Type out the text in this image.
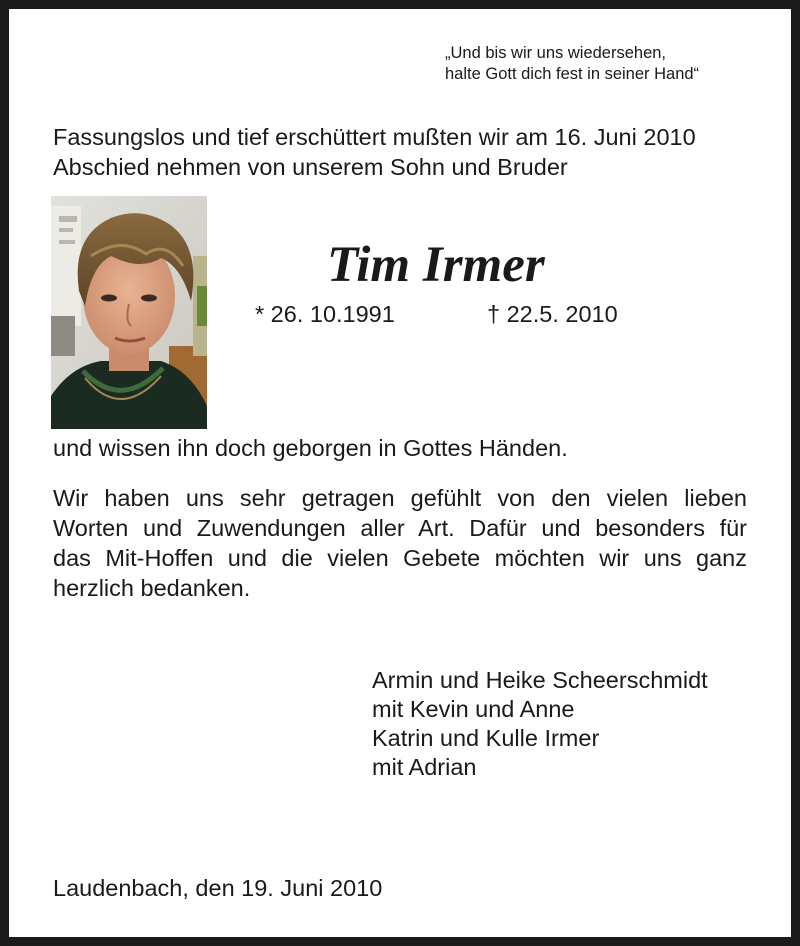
„Und bis wir uns wiedersehen,
halte Gott dich fest in seiner Hand“
Fassungslos und tief erschüttert mußten wir am 16. Juni 2010
Abschied nehmen von unserem Sohn und Bruder
Tim Irmer
* 26. 10.1991	† 22.5. 2010
und wissen ihn doch geborgen in Gottes Händen.
Wir haben uns sehr getragen gefühlt von den vielen lieben
Worten und Zuwendungen aller Art. Dafür und besonders für
das Mit-Hoffen und die vielen Gebete möchten wir uns ganz
herzlich bedanken.
Armin und Heike Scheerschmidt
mit Kevin und Anne
Katrin und Kulle Irmer
mit Adrian
Laudenbach, den 19. Juni 2010
